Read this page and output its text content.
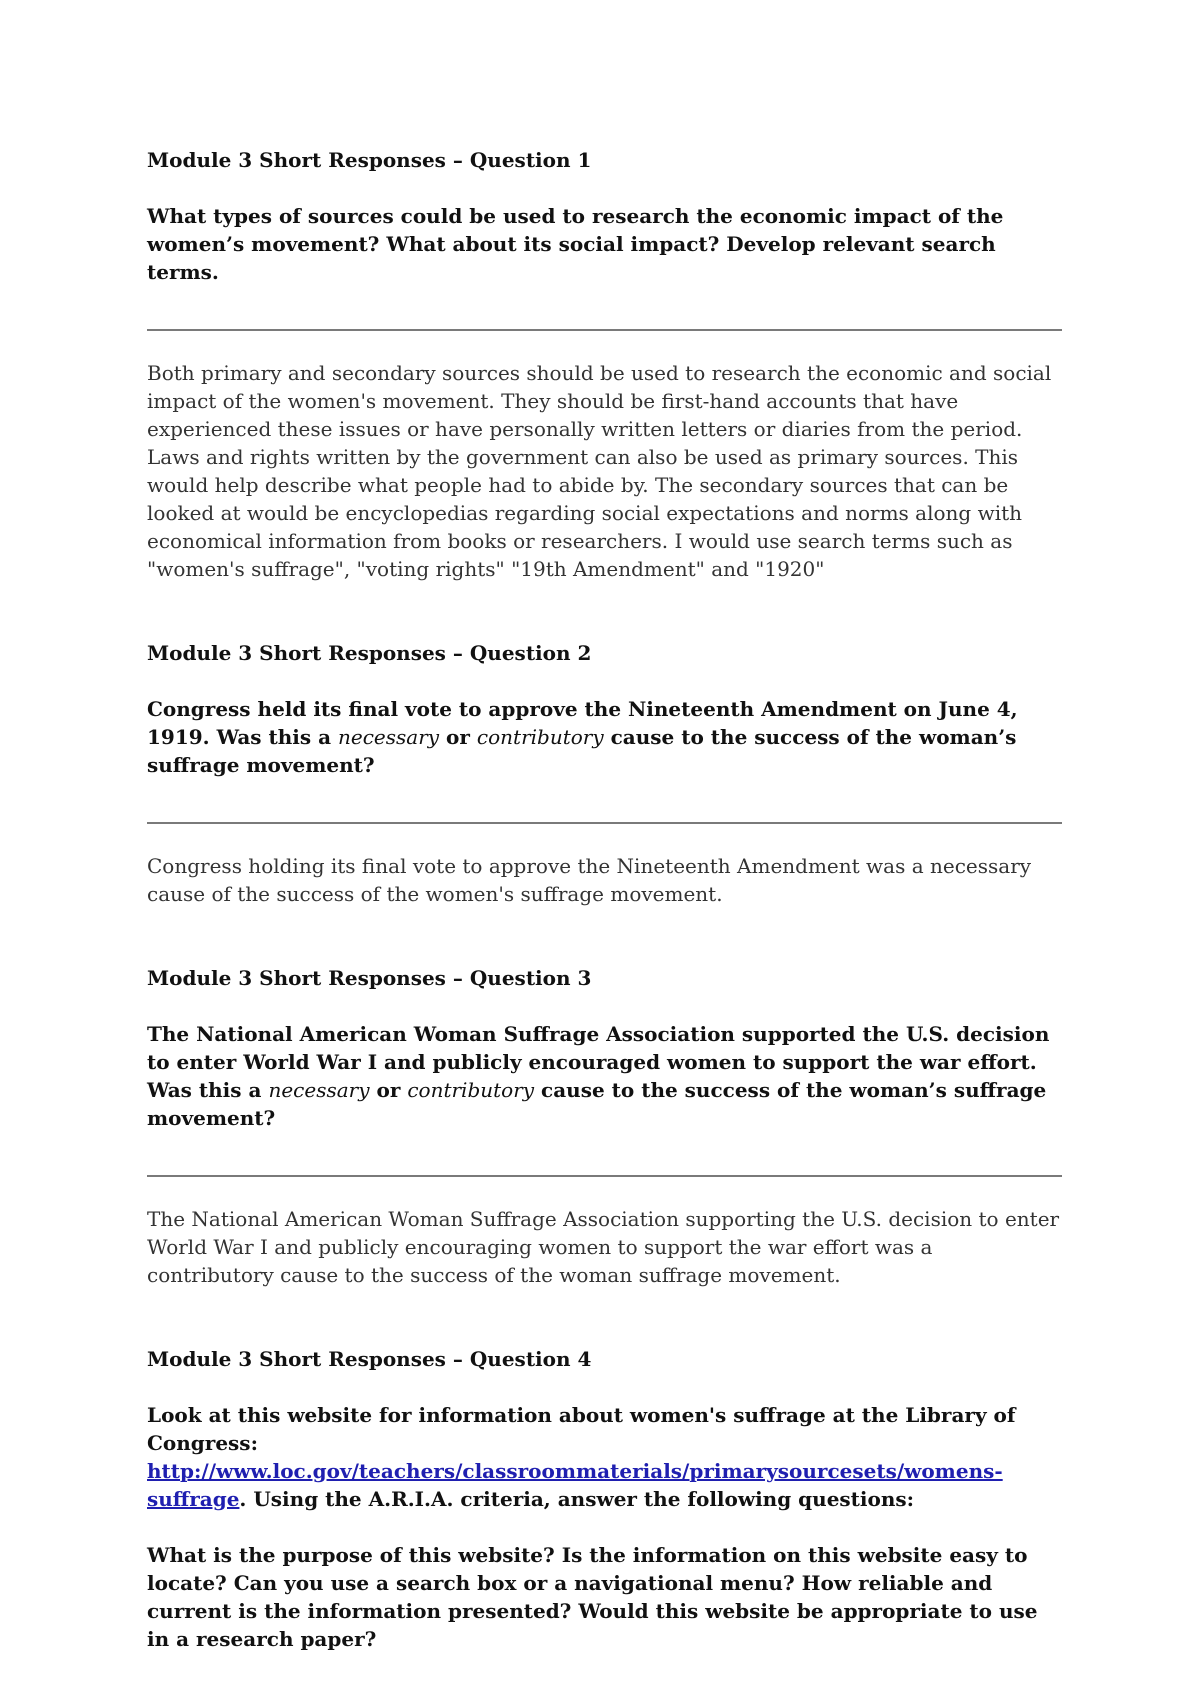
Module 3 Short Responses – Question 1

What types of sources could be used to research the economic impact of the women’s movement? What about its social impact? Develop relevant search terms.

Both primary and secondary sources should be used to research the economic and social impact of the women's movement. They should be first-hand accounts that have experienced these issues or have personally written letters or diaries from the period. Laws and rights written by the government can also be used as primary sources. This would help describe what people had to abide by. The secondary sources that can be looked at would be encyclopedias regarding social expectations and norms along with economical information from books or researchers. I would use search terms such as "women's suffrage", "voting rights" "19th Amendment" and "1920"

Module 3 Short Responses – Question 2

Congress held its final vote to approve the Nineteenth Amendment on June 4, 1919. Was this a necessary or contributory cause to the success of the woman’s suffrage movement?

Congress holding its final vote to approve the Nineteenth Amendment was a necessary cause of the success of the women's suffrage movement.

Module 3 Short Responses – Question 3

The National American Woman Suffrage Association supported the U.S. decision to enter World War I and publicly encouraged women to support the war effort. Was this a necessary or contributory cause to the success of the woman’s suffrage movement?

The National American Woman Suffrage Association supporting the U.S. decision to enter World War I and publicly encouraging women to support the war effort was a contributory cause to the success of the woman suffrage movement.

Module 3 Short Responses – Question 4

Look at this website for information about women's suffrage at the Library of Congress: http://www.loc.gov/teachers/classroommaterials/primarysourcesets/womens-suffrage. Using the A.R.I.A. criteria, answer the following questions:

What is the purpose of this website? Is the information on this website easy to locate? Can you use a search box or a navigational menu? How reliable and current is the information presented? Would this website be appropriate to use in a research paper?
